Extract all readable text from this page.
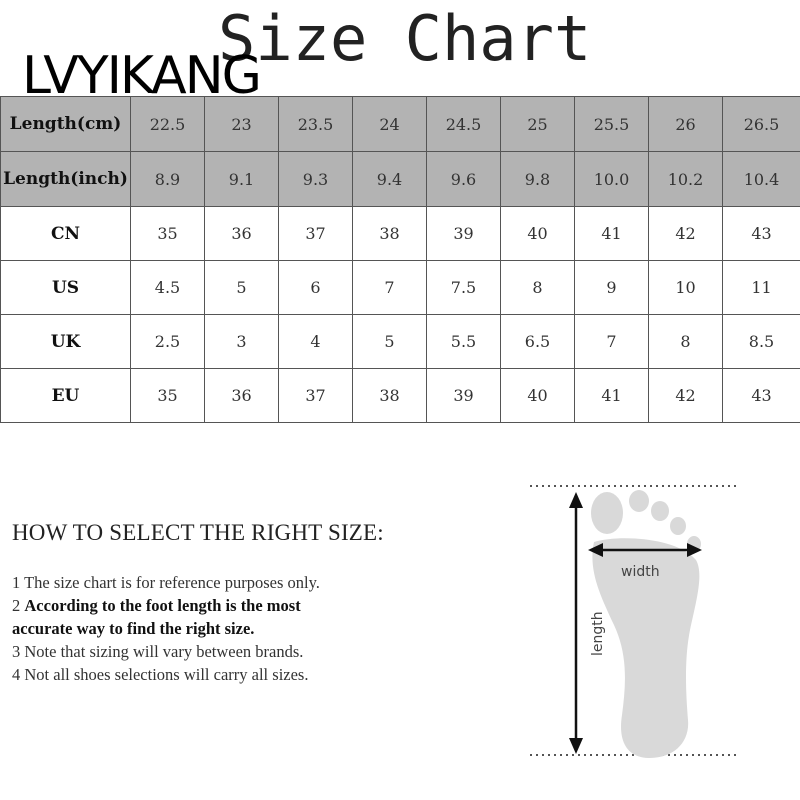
LVYIKANG
Size Chart
Length(cm)	22.5	23	23.5	24	24.5	25	25.5	26	26.5
Length(inch)	8.9	9.1	9.3	9.4	9.6	9.8	10.0	10.2	10.4
CN	35	36	37	38	39	40	41	42	43
US	4.5	5	6	7	7.5	8	9	10	11
UK	2.5	3	4	5	5.5	6.5	7	8	8.5
EU	35	36	37	38	39	40	41	42	43
HOW TO SELECT THE RIGHT SIZE:
1 The size chart is for reference purposes only.
2 According to the foot length is the most
accurate way to find the right size.
3 Note that sizing will vary between brands.
4 Not all shoes selections will carry all sizes.
width
length
